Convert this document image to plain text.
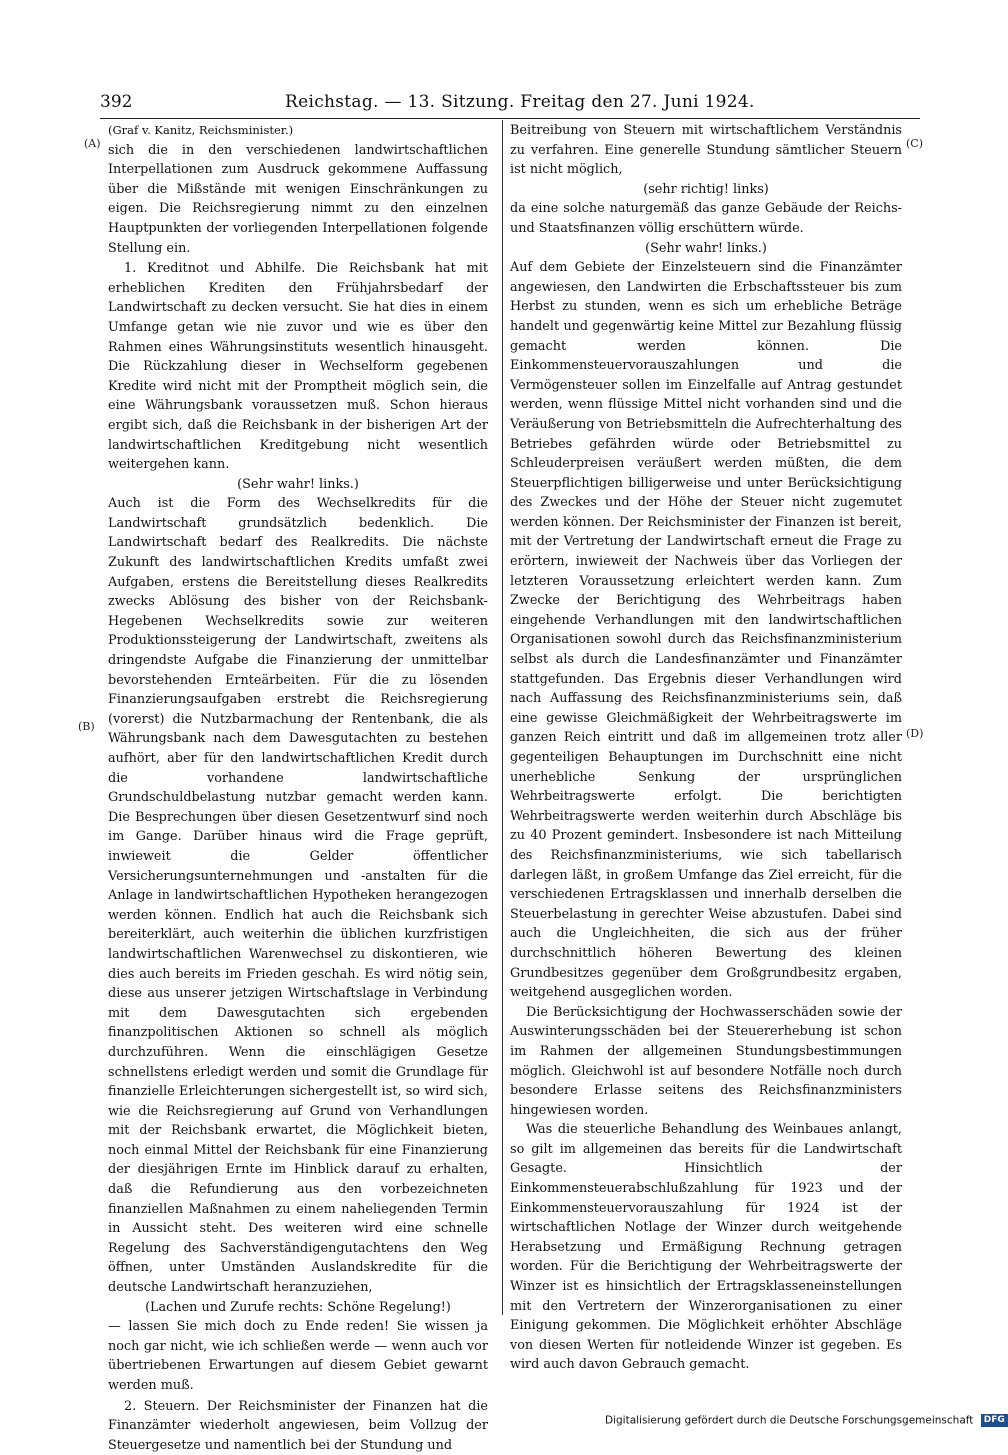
392	Reichstag. — 13. Sitzung. Freitag den 27. Juni 1924.
(A)
(B)
(C)
(D)

(Graf v. Kanitz, Reichsminister.)

sich die in den verschiedenen landwirtschaftlichen Interpellationen zum Ausdruck gekommene Auffassung über die Mißstände mit wenigen Einschränkungen zu eigen. Die Reichsregierung nimmt zu den einzelnen Hauptpunkten der vorliegenden Interpellationen folgende Stellung ein.

1. Kreditnot und Abhilfe. Die Reichsbank hat mit erheblichen Krediten den Frühjahrsbedarf der Landwirtschaft zu decken versucht. Sie hat dies in einem Umfange getan wie nie zuvor und wie es über den Rahmen eines Währungsinstituts wesentlich hinausgeht. Die Rückzahlung dieser in Wechselform gegebenen Kredite wird nicht mit der Promptheit möglich sein, die eine Währungsbank voraussetzen muß. Schon hieraus ergibt sich, daß die Reichsbank in der bisherigen Art der landwirtschaftlichen Kreditgebung nicht wesentlich weitergehen kann.

(Sehr wahr! links.)

Auch ist die Form des Wechselkredits für die Landwirtschaft grundsätzlich bedenklich. Die Landwirtschaft bedarf des Realkredits. Die nächste Zukunft des landwirtschaftlichen Kredits umfaßt zwei Aufgaben, erstens die Bereitstellung dieses Realkredits zwecks Ablösung des bisher von der Reichsbank-Hegebenen Wechselkredits sowie zur weiteren Produktionssteigerung der Landwirtschaft, zweitens als dringendste Aufgabe die Finanzierung der unmittelbar bevorstehenden Ernteärbeiten. Für die zu lösenden Finanzierungsaufgaben erstrebt die Reichsregierung (vorerst) die Nutzbarmachung der Rentenbank, die als Währungsbank nach dem Dawesgutachten zu bestehen aufhört, aber für den landwirtschaftlichen Kredit durch die vorhandene landwirtschaftliche Grundschuldbelastung nutzbar gemacht werden kann. Die Besprechungen über diesen Gesetzentwurf sind noch im Gange. Darüber hinaus wird die Frage geprüft, inwieweit die Gelder öffentlicher Versicherungsunternehmungen und -anstalten für die Anlage in landwirtschaftlichen Hypotheken herangezogen werden können. Endlich hat auch die Reichsbank sich bereiterklärt, auch weiterhin die üblichen kurzfristigen landwirtschaftlichen Warenwechsel zu diskontieren, wie dies auch bereits im Frieden geschah. Es wird nötig sein, diese aus unserer jetzigen Wirtschaftslage in Verbindung mit dem Dawesgutachten sich ergebenden finanzpolitischen Aktionen so schnell als möglich durchzuführen. Wenn die einschlägigen Gesetze schnellstens erledigt werden und somit die Grundlage für finanzielle Erleichterungen sichergestellt ist, so wird sich, wie die Reichsregierung auf Grund von Verhandlungen mit der Reichsbank erwartet, die Möglichkeit bieten, noch einmal Mittel der Reichsbank für eine Finanzierung der diesjährigen Ernte im Hinblick darauf zu erhalten, daß die Refundierung aus den vorbezeichneten finanziellen Maßnahmen zu einem naheliegenden Termin in Aussicht steht. Des weiteren wird eine schnelle Regelung des Sachverständigengutachtens den Weg öffnen, unter Umständen Auslandskredite für die deutsche Landwirtschaft heranzuziehen,

(Lachen und Zurufe rechts: Schöne Regelung!)

— lassen Sie mich doch zu Ende reden! Sie wissen ja noch gar nicht, wie ich schließen werde — wenn auch vor übertriebenen Erwartungen auf diesem Gebiet gewarnt werden muß.

2. Steuern. Der Reichsminister der Finanzen hat die Finanzämter wiederholt angewiesen, beim Vollzug der Steuergesetze und namentlich bei der Stundung und

Beitreibung von Steuern mit wirtschaftlichem Verständnis zu verfahren. Eine generelle Stundung sämtlicher Steuern ist nicht möglich,

(sehr richtig! links)

da eine solche naturgemäß das ganze Gebäude der Reichs- und Staatsfinanzen völlig erschüttern würde.

(Sehr wahr! links.)

Auf dem Gebiete der Einzelsteuern sind die Finanzämter angewiesen, den Landwirten die Erbschaftssteuer bis zum Herbst zu stunden, wenn es sich um erhebliche Beträge handelt und gegenwärtig keine Mittel zur Bezahlung flüssig gemacht werden können. Die Einkommensteuervorauszahlungen und die Vermögensteuer sollen im Einzelfalle auf Antrag gestundet werden, wenn flüssige Mittel nicht vorhanden sind und die Veräußerung von Betriebsmitteln die Aufrechterhaltung des Betriebes gefährden würde oder Betriebsmittel zu Schleuderpreisen veräußert werden müßten, die dem Steuerpflichtigen billigerweise und unter Berücksichtigung des Zweckes und der Höhe der Steuer nicht zugemutet werden können. Der Reichsminister der Finanzen ist bereit, mit der Vertretung der Landwirtschaft erneut die Frage zu erörtern, inwieweit der Nachweis über das Vorliegen der letzteren Voraussetzung erleichtert werden kann. Zum Zwecke der Berichtigung des Wehrbeitrags haben eingehende Verhandlungen mit den landwirtschaftlichen Organisationen sowohl durch das Reichsfinanzministerium selbst als durch die Landesfinanzämter und Finanzämter stattgefunden. Das Ergebnis dieser Verhandlungen wird nach Auffassung des Reichsfinanzministeriums sein, daß eine gewisse Gleichmäßigkeit der Wehrbeitragswerte im ganzen Reich eintritt und daß im allgemeinen trotz aller gegenteiligen Behauptungen im Durchschnitt eine nicht unerhebliche Senkung der ursprünglichen Wehrbeitragswerte erfolgt. Die berichtigten Wehrbeitragswerte werden weiterhin durch Abschläge bis zu 40 Prozent gemindert. Insbesondere ist nach Mitteilung des Reichsfinanzministeriums, wie sich tabellarisch darlegen läßt, in großem Umfange das Ziel erreicht, für die verschiedenen Ertragsklassen und innerhalb derselben die Steuerbelastung in gerechter Weise abzustufen. Dabei sind auch die Ungleichheiten, die sich aus der früher durchschnittlich höheren Bewertung des kleinen Grundbesitzes gegenüber dem Großgrundbesitz ergaben, weitgehend ausgeglichen worden.

Die Berücksichtigung der Hochwasserschäden sowie der Auswinterungsschäden bei der Steuererhebung ist schon im Rahmen der allgemeinen Stundungsbestimmungen möglich. Gleichwohl ist auf besondere Notfälle noch durch besondere Erlasse seitens des Reichsfinanzministers hingewiesen worden.

Was die steuerliche Behandlung des Weinbaues anlangt, so gilt im allgemeinen das bereits für die Landwirtschaft Gesagte. Hinsichtlich der Einkommensteuerabschlußzahlung für 1923 und der Einkommensteuervorauszahlung für 1924 ist der wirtschaftlichen Notlage der Winzer durch weitgehende Herabsetzung und Ermäßigung Rechnung getragen worden. Für die Berichtigung der Wehrbeitragswerte der Winzer ist es hinsichtlich der Ertragsklasseneinstellungen mit den Vertretern der Winzerorganisationen zu einer Einigung gekommen. Die Möglichkeit erhöhter Abschläge von diesen Werten für notleidende Winzer ist gegeben. Es wird auch davon Gebrauch gemacht.

Digitalisierung gefördert durch die Deutsche Forschungsgemeinschaft DFG
